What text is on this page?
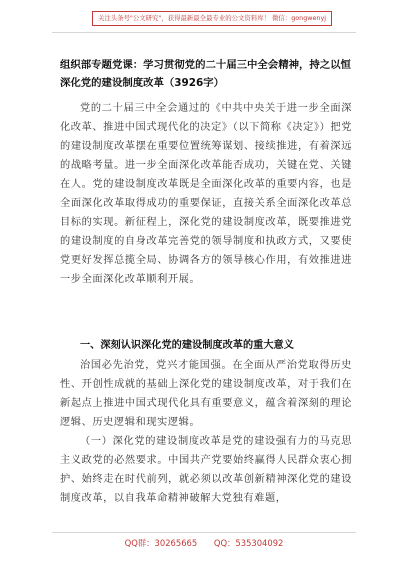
关注头条号"公文研究"，获得最新最全最专业的公文资料库！ 微信：gongwenyj
组织部专题党课：学习贯彻党的二十届三中全会精神，持之以恒深化党的建设制度改革（3926字）

党的二十届三中全会通过的《中共中央关于进一步全面深化改革、推进中国式现代化的决定》（以下简称《决定》）把党的建设制度改革摆在重要位置统筹谋划、接续推进，有着深远的战略考量。进一步全面深化改革能否成功，关键在党、关键在人。党的建设制度改革既是全面深化改革的重要内容，也是全面深化改革取得成功的重要保证，直接关系全面深化改革总目标的实现。新征程上，深化党的建设制度改革，既要推进党的建设制度的自身改革完善党的领导制度和执政方式，又要使党更好发挥总揽全局、协调各方的领导核心作用，有效推进进一步全面深化改革顺利开展。

一、深刻认识深化党的建设制度改革的重大意义

治国必先治党，党兴才能国强。在全面从严治党取得历史性、开创性成就的基础上深化党的建设制度改革，对于我们在新起点上推进中国式现代化具有重要意义，蕴含着深刻的理论逻辑、历史逻辑和现实逻辑。

（一）深化党的建设制度改革是党的建设强有力的马克思主义政党的必然要求。中国共产党要始终赢得人民群众衷心拥护、始终走在时代前列，就必须以改革创新精神深化党的建设制度改革，以自我革命精神破解大党独有难题，

QQ群：30265665 QQ：535304092
